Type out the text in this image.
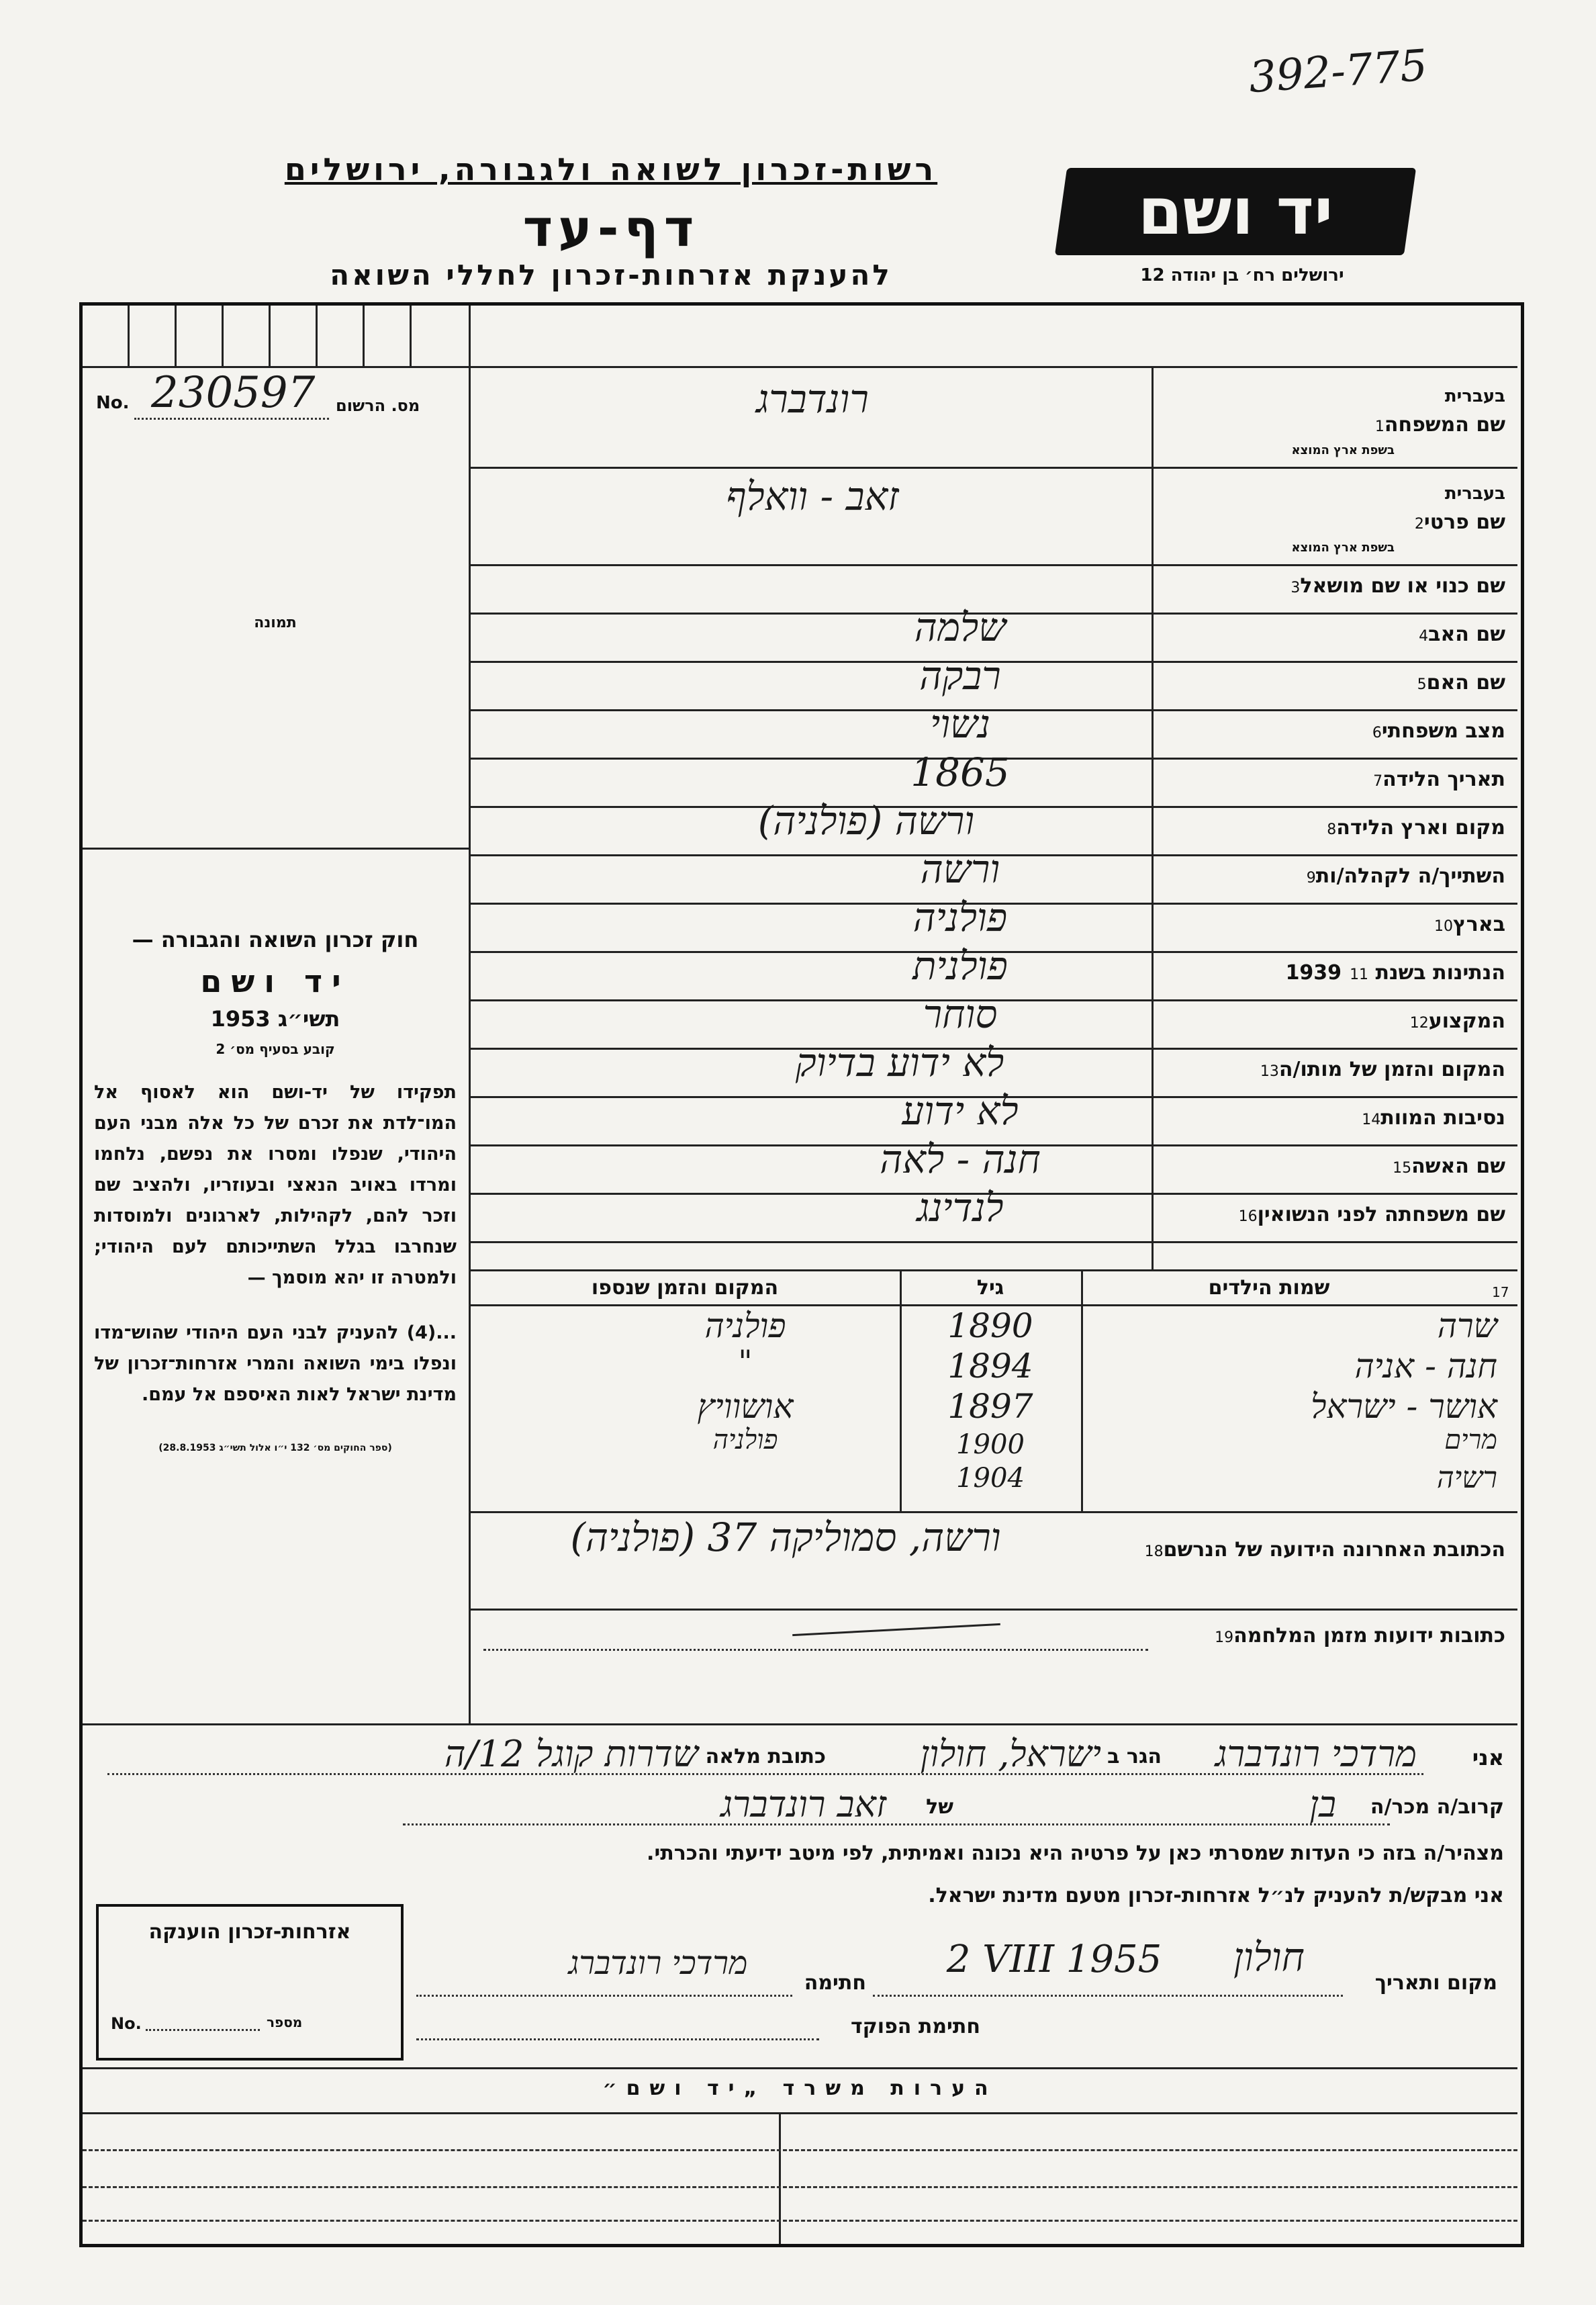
392-775
רשות-זכרון לשואה ולגבורה, ירושלים
דף-עד
להענקת אזרחות-זכרון לחללי השואה
יד ושם
ירושלים רח׳ בן יהודה 12
No. 230597 מס. הרשום
תמונה
חוק זכרון השואה והגבורה —
יד ושם
תשי״ג 1953
קובע בסעיף מס׳ 2
תפקידו של יד-ושם הוא לאסוף אל המו־לדת את זכרם של כל אלה מבני העם היהודי, שנפלו ומסרו את נפשם, נלחמו ומרדו באויב הנאצי ובעוזריו, ולהציב שם וזכר להם, לקהילות, לארגונים ולמוסדות שנחרבו בגלל השתייכותם לעם היהודי; ולמטרה זו יהא מוסמך —
...(4) להעניק לבני העם היהודי שהוש־מדו ונפלו בימי השואה והמרי אזרחות־זכרון של מדינת ישראל לאות האיספם אל עמם.
(ספר החוקים מס׳ 132 י״ו אלול תשי״ג 28.8.1953)
שם המשפחה1
בעברית
בשפת ארץ המוצא
רונדברג
שם פרטי2
בעברית
בשפת ארץ המוצא
זאב - וואלף
שם כנוי או שם מושאל3
שם האב4
שלמה
שם האם5
רבקה
מצב משפחתי6
נשוי
תאריך הלידה7
1865
מקום וארץ הלידה8
ורשה (פולניה)
השתייך/ה לקהלה/ות9
ורשה
בארץ10
פולניה
הנתינות בשנת 193911
פולנית
המקצוע12
סוחר
המקום והזמן של מותו/ה13
לא ידוע בדיוק
נסיבות המוות14
לא ידוע
שם האשה15
חנה - לאה
שם משפחתה לפני הנשואין16
לנדינג
שמות הילדים	17
גיל
המקום והזמן שנספו
שרה
1890
פולניה
חנה - אניה
1894
"
אושר - ישראל
1897
אושוויץ
מרים
1900
פולניה
רשיה
1904
הכתובת האחרונה הידועה של הנרשם18
ורשה, סמוליקה 37 (פולניה)
כתובות ידועות מזמן המלחמה19
אני
מרדכי רונדברג
הגר ב
ישראל, חולון
כתובת מלאה
שדרות קוגל 12/ה
קרוב/ה מכר/ה
בן
של
זאב רונדברג
מצהיר/ה בזה כי העדות שמסרתי כאן על פרטיה היא נכונה ואמיתית, לפי מיטב ידיעתי והכרתי.
אני מבקש/ת להעניק לנ״ל אזרחות-זכרון מטעם מדינת ישראל.
אזרחות-זכרון הוענקה
No.	מספר
מקום ותאריך
חולון
2 VIII 1955
חתימה
מרדכי רונדברג
חתימת הפוקד
הערות משרד „יד ושם״
